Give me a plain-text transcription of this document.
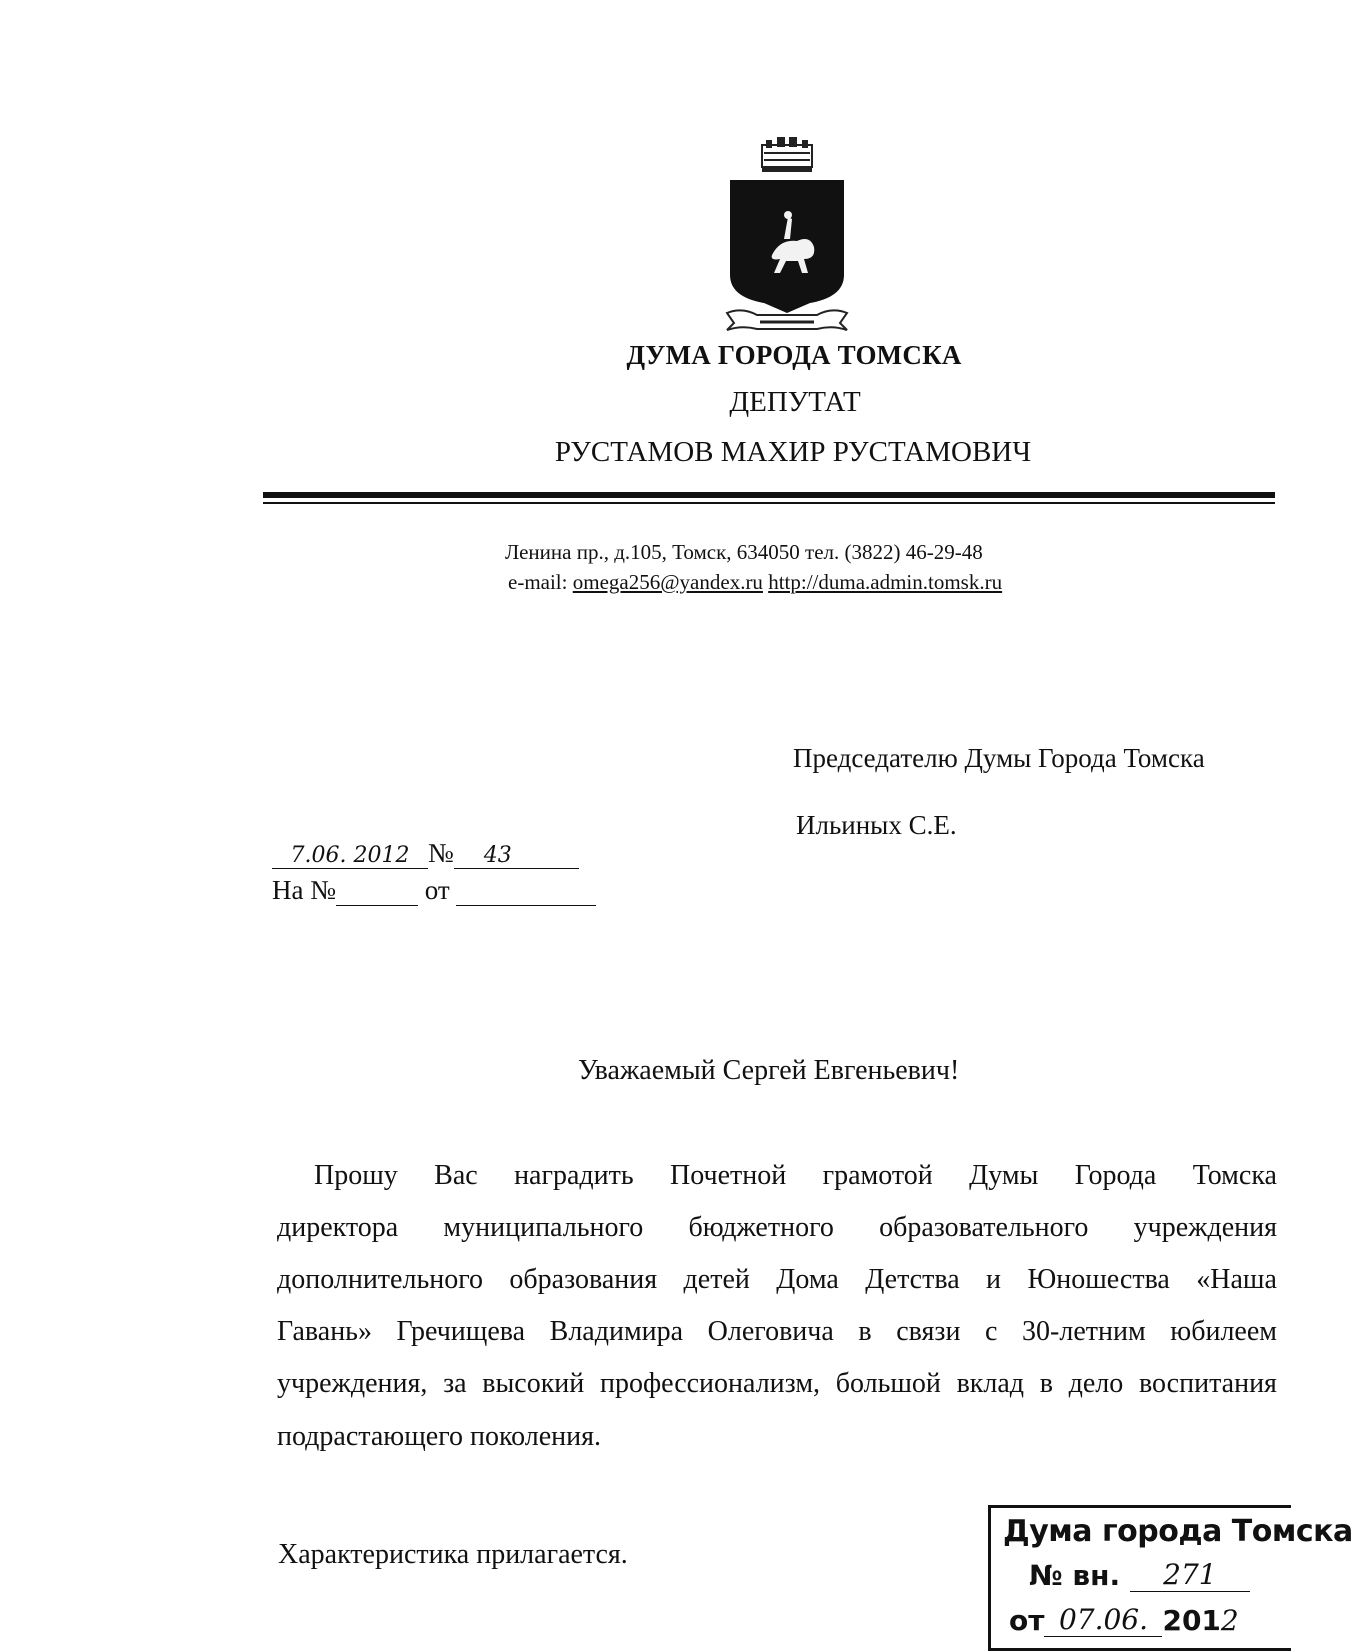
ДУМА ГОРОДА ТОМСКА
ДЕПУТАТ
РУСТАМОВ МАХИР РУСТАМОВИЧ
Ленина пр., д.105, Томск, 634050 тел. (3822) 46-29-48
e-mail: omega256@yandex.ru http://duma.admin.tomsk.ru
Председателю Думы Города Томска
Ильиных С.Е.
7.06. 2012 № 43
На №	от
Уважаемый Сергей Евгеньевич!
Прошу Вас наградить Почетной грамотой Думы Города Томска
директора муниципального бюджетного образовательного учреждения
дополнительного образования детей Дома Детства и Юношества «Наша
Гавань» Гречищева Владимира Олеговича в связи с 30-летним юбилеем
учреждения, за высокий профессионализм, большой вклад в дело воспитания
подрастающего поколения.
Характеристика прилагается.
Дума города Томска
№ вн. 271
от 07.06. 2012
